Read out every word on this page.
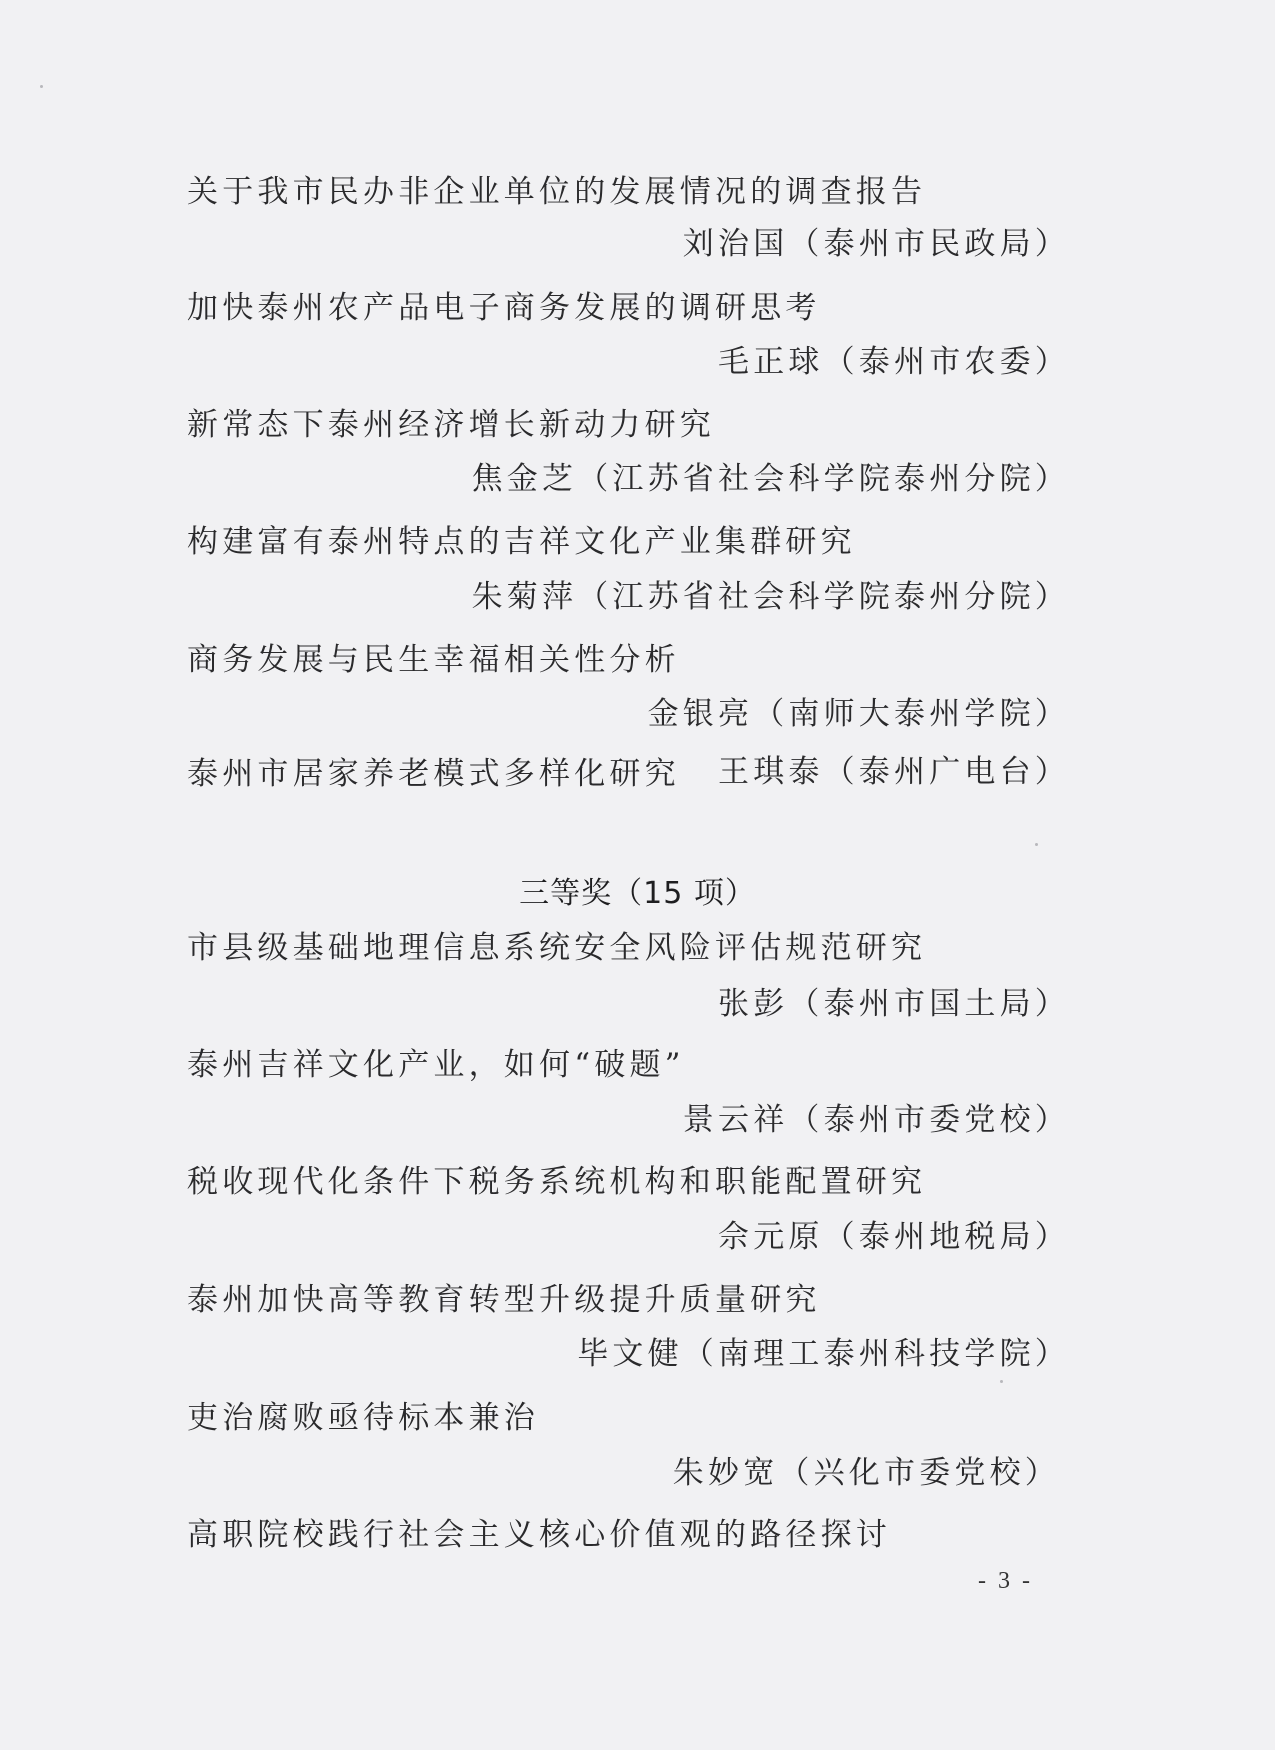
关于我市民办非企业单位的发展情况的调查报告
刘治国（泰州市民政局）
加快泰州农产品电子商务发展的调研思考
毛正球（泰州市农委）
新常态下泰州经济增长新动力研究
焦金芝（江苏省社会科学院泰州分院）
构建富有泰州特点的吉祥文化产业集群研究
朱菊萍（江苏省社会科学院泰州分院）
商务发展与民生幸福相关性分析
金银亮（南师大泰州学院）
泰州市居家养老模式多样化研究 王琪泰（泰州广电台）
三等奖（15 项）
市县级基础地理信息系统安全风险评估规范研究
张彭（泰州市国土局）
泰州吉祥文化产业，如何“破题”
景云祥（泰州市委党校）
税收现代化条件下税务系统机构和职能配置研究
佘元原（泰州地税局）
泰州加快高等教育转型升级提升质量研究
毕文健（南理工泰州科技学院）
吏治腐败亟待标本兼治
朱妙宽（兴化市委党校）
高职院校践行社会主义核心价值观的路径探讨
- 3 -
